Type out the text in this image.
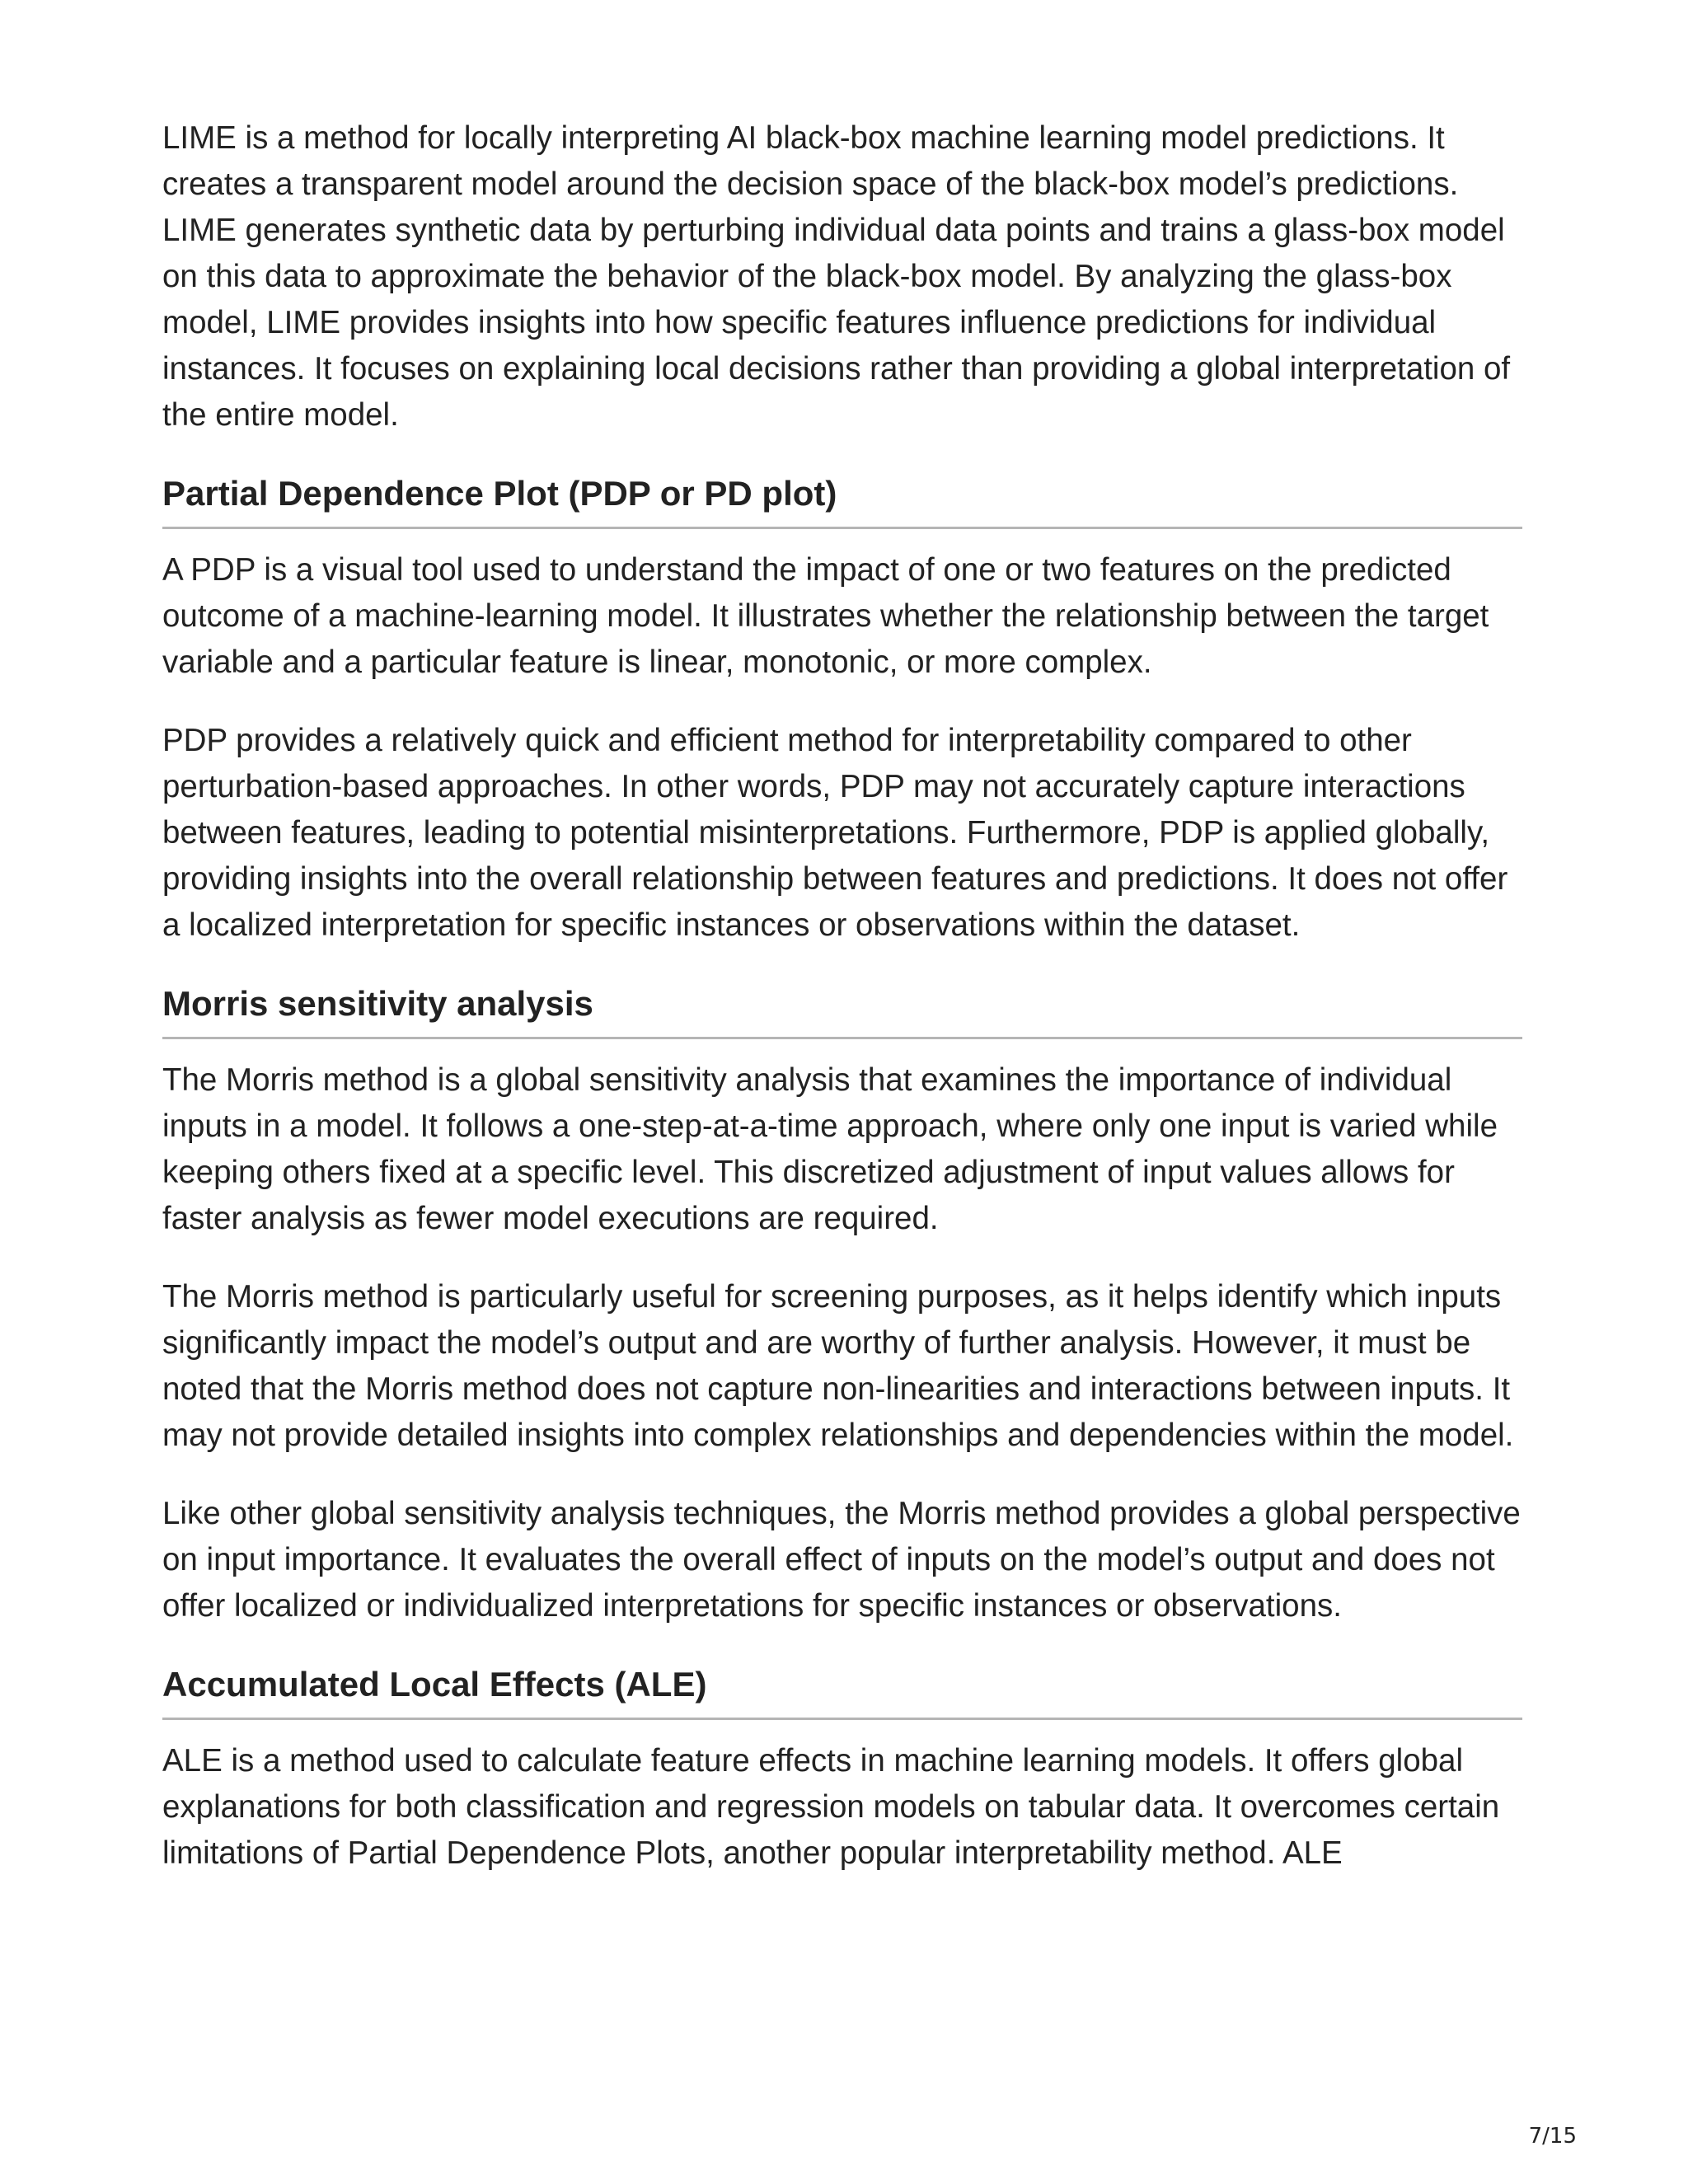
LIME is a method for locally interpreting AI black-box machine learning model predictions. It creates a transparent model around the decision space of the black-box model’s predictions. LIME generates synthetic data by perturbing individual data points and trains a glass-box model on this data to approximate the behavior of the black-box model. By analyzing the glass-box model, LIME provides insights into how specific features influence predictions for individual instances. It focuses on explaining local decisions rather than providing a global interpretation of the entire model.

Partial Dependence Plot (PDP or PD plot)

A PDP is a visual tool used to understand the impact of one or two features on the predicted outcome of a machine-learning model. It illustrates whether the relationship between the target variable and a particular feature is linear, monotonic, or more complex.

PDP provides a relatively quick and efficient method for interpretability compared to other perturbation-based approaches. In other words, PDP may not accurately capture interactions between features, leading to potential misinterpretations. Furthermore, PDP is applied globally, providing insights into the overall relationship between features and predictions. It does not offer a localized interpretation for specific instances or observations within the dataset.

Morris sensitivity analysis

The Morris method is a global sensitivity analysis that examines the importance of individual inputs in a model. It follows a one-step-at-a-time approach, where only one input is varied while keeping others fixed at a specific level. This discretized adjustment of input values allows for faster analysis as fewer model executions are required.

The Morris method is particularly useful for screening purposes, as it helps identify which inputs significantly impact the model’s output and are worthy of further analysis. However, it must be noted that the Morris method does not capture non-linearities and interactions between inputs. It may not provide detailed insights into complex relationships and dependencies within the model.

Like other global sensitivity analysis techniques, the Morris method provides a global perspective on input importance. It evaluates the overall effect of inputs on the model’s output and does not offer localized or individualized interpretations for specific instances or observations.

Accumulated Local Effects (ALE)

ALE is a method used to calculate feature effects in machine learning models. It offers global explanations for both classification and regression models on tabular data. It overcomes certain limitations of Partial Dependence Plots, another popular interpretability method. ALE

7/15
